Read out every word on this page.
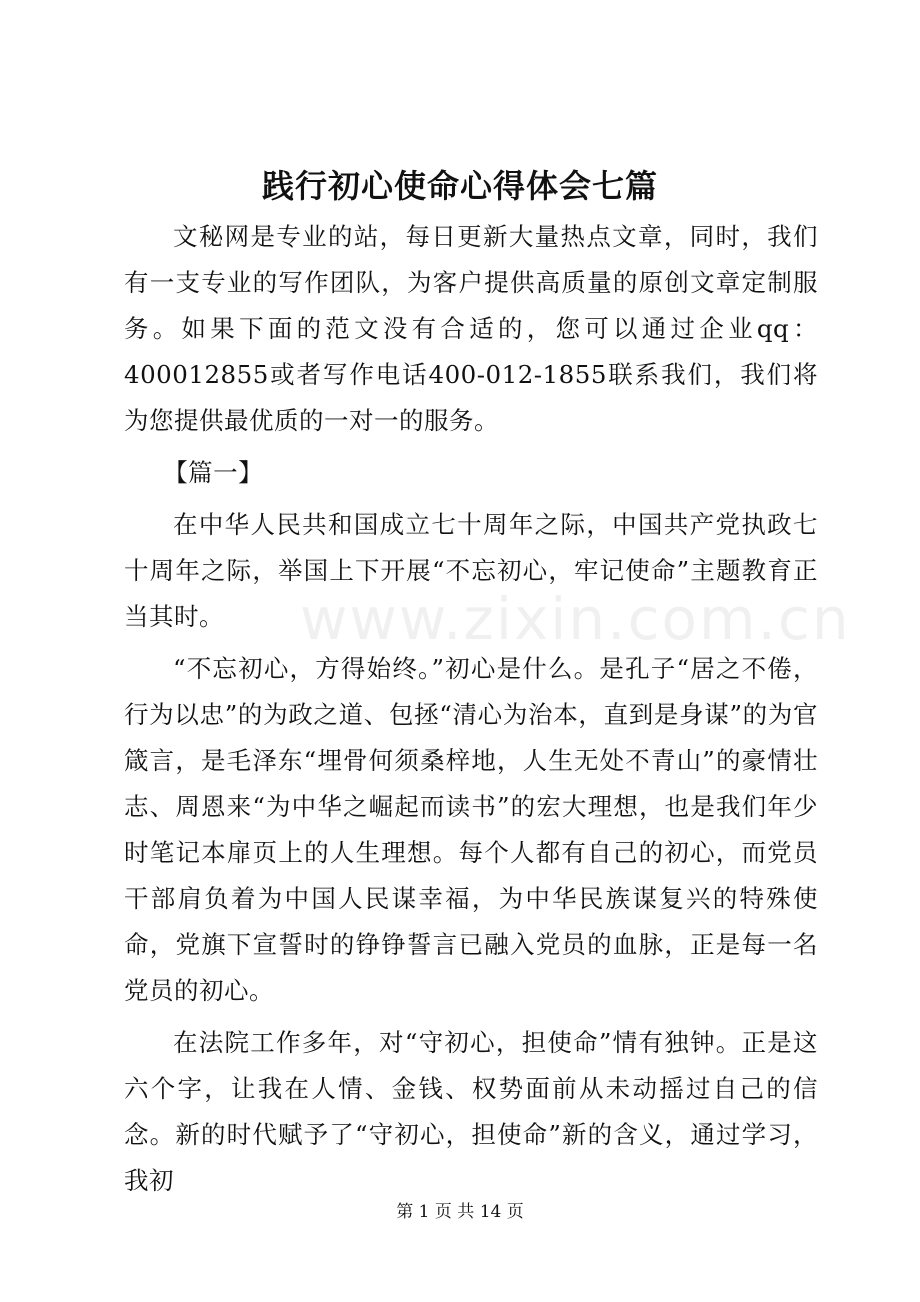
践行初心使命心得体会七篇

文秘网是专业的站，每日更新大量热点文章，同时，我们有一支专业的写作团队，为客户提供高质量的原创文章定制服务。如果下面的范文没有合适的，您可以通过企业qq：400012855或者写作电话400-012-1855联系我们，我们将为您提供最优质的一对一的服务。

【篇一】

在中华人民共和国成立七十周年之际，中国共产党执政七十周年之际，举国上下开展“不忘初心，牢记使命”主题教育正当其时。

“不忘初心，方得始终。”初心是什么。是孔子“居之不倦，行为以忠”的为政之道、包拯“清心为治本，直到是身谋”的为官箴言，是毛泽东“埋骨何须桑梓地，人生无处不青山”的豪情壮志、周恩来“为中华之崛起而读书”的宏大理想，也是我们年少时笔记本扉页上的人生理想。每个人都有自己的初心，而党员干部肩负着为中国人民谋幸福，为中华民族谋复兴的特殊使命，党旗下宣誓时的铮铮誓言已融入党员的血脉，正是每一名党员的初心。

在法院工作多年，对“守初心，担使命”情有独钟。正是这六个字，让我在人情、金钱、权势面前从未动摇过自己的信念。新的时代赋予了“守初心，担使命”新的含义，通过学习，我初

www.zixin.com.cn
第 1 页 共 14 页
